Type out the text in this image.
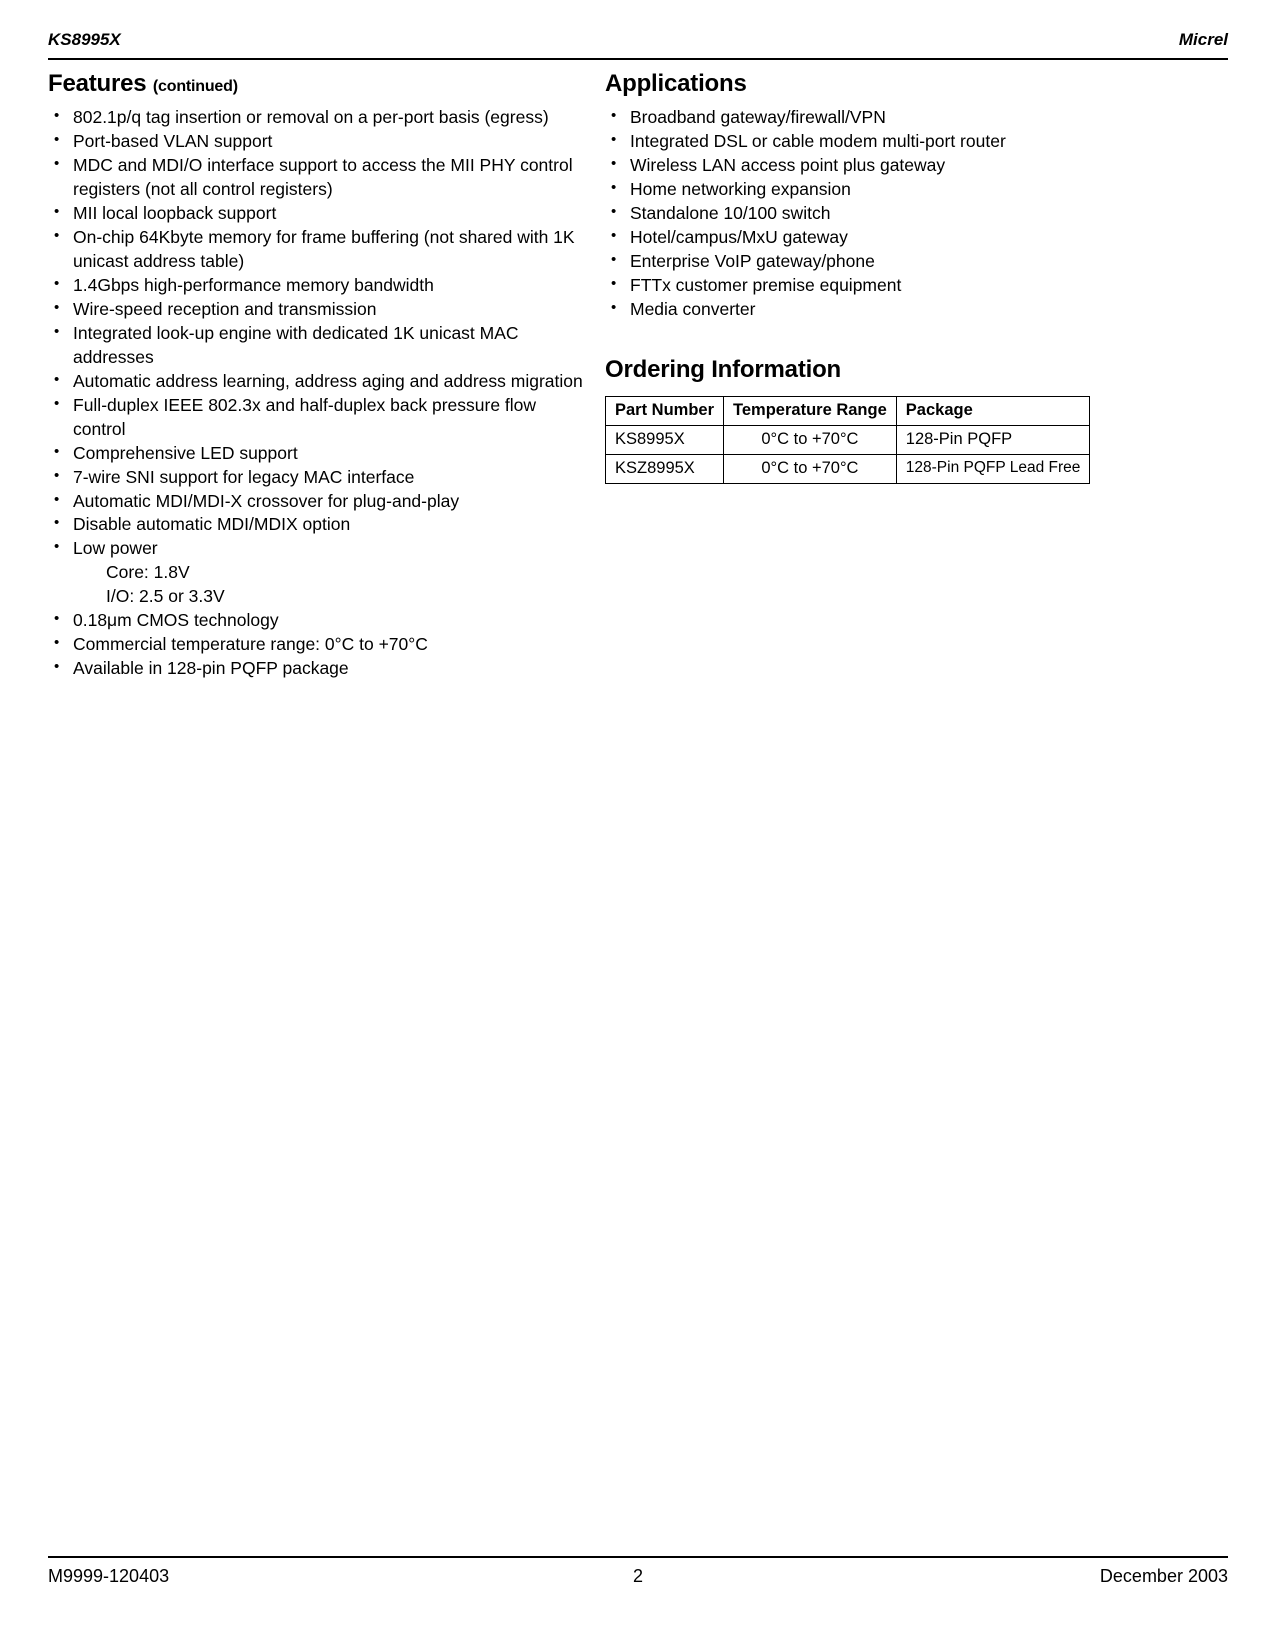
KS8995X	Micrel
Features (continued)
• 802.1p/q tag insertion or removal on a per-port basis (egress)
• Port-based VLAN support
• MDC and MDI/O interface support to access the MII PHY control registers (not all control registers)
• MII local loopback support
• On-chip 64Kbyte memory for frame buffering (not shared with 1K unicast address table)
• 1.4Gbps high-performance memory bandwidth
• Wire-speed reception and transmission
• Integrated look-up engine with dedicated 1K unicast MAC addresses
• Automatic address learning, address aging and address migration
• Full-duplex IEEE 802.3x and half-duplex back pressure flow control
• Comprehensive LED support
• 7-wire SNI support for legacy MAC interface
• Automatic MDI/MDI-X crossover for plug-and-play
• Disable automatic MDI/MDIX option
• Low power
Core: 1.8V
I/O: 2.5 or 3.3V
• 0.18μm CMOS technology
• Commercial temperature range: 0°C to +70°C
• Available in 128-pin PQFP package
Applications
• Broadband gateway/firewall/VPN
• Integrated DSL or cable modem multi-port router
• Wireless LAN access point plus gateway
• Home networking expansion
• Standalone 10/100 switch
• Hotel/campus/MxU gateway
• Enterprise VoIP gateway/phone
• FTTx customer premise equipment
• Media converter
Ordering Information
Part Number	Temperature Range	Package
KS8995X	0°C to +70°C	128-Pin PQFP
KSZ8995X	0°C to +70°C	128-Pin PQFP Lead Free
M9999-120403	2	December 2003
